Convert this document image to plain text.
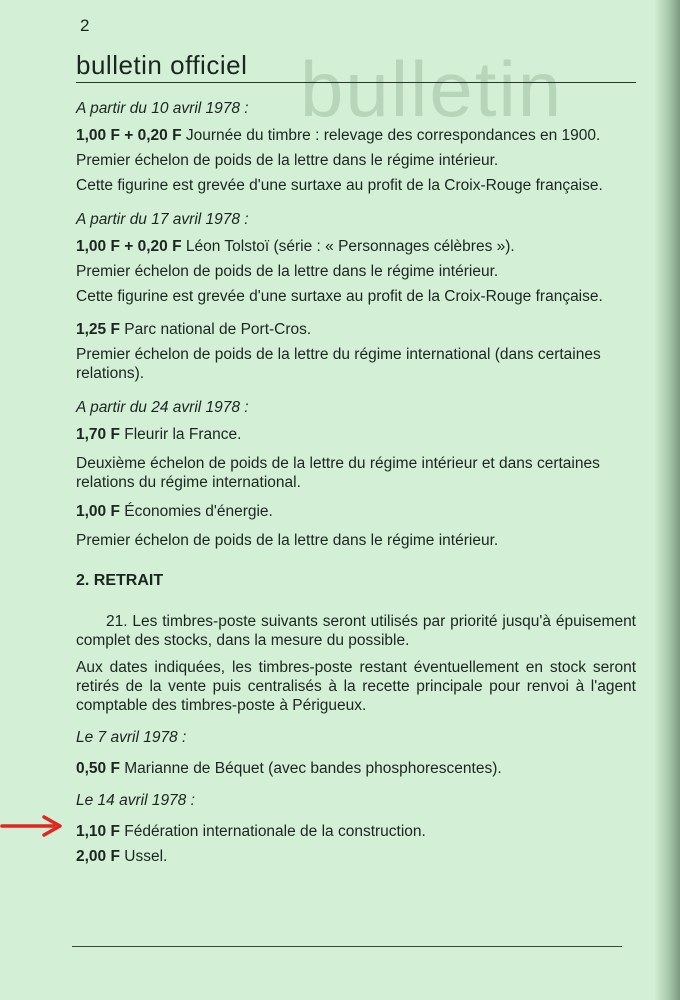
bulletin
2
bulletin officiel
A partir du 10 avril 1978 :

1,00 F + 0,20 F Journée du timbre : relevage des correspondances en 1900.

Premier échelon de poids de la lettre dans le régime intérieur.

Cette figurine est grevée d'une surtaxe au profit de la Croix-Rouge française.

A partir du 17 avril 1978 :

1,00 F + 0,20 F Léon Tolstoï (série : « Personnages célèbres »).

Premier échelon de poids de la lettre dans le régime intérieur.

Cette figurine est grevée d'une surtaxe au profit de la Croix-Rouge française.

1,25 F Parc national de Port-Cros.

Premier échelon de poids de la lettre du régime international (dans certaines relations).

A partir du 24 avril 1978 :

1,70 F Fleurir la France.

Deuxième échelon de poids de la lettre du régime intérieur et dans certaines relations du régime international.

1,00 F Économies d'énergie.

Premier échelon de poids de la lettre dans le régime intérieur.

2. RETRAIT

21. Les timbres-poste suivants seront utilisés par priorité jusqu'à épuisement complet des stocks, dans la mesure du possible.

Aux dates indiquées, les timbres-poste restant éventuellement en stock seront retirés de la vente puis centralisés à la recette principale pour renvoi à l'agent comptable des timbres-poste à Périgueux.

Le 7 avril 1978 :

0,50 F Marianne de Béquet (avec bandes phosphorescentes).

Le 14 avril 1978 :

1,10 F Fédération internationale de la construction.

2,00 F Ussel.
